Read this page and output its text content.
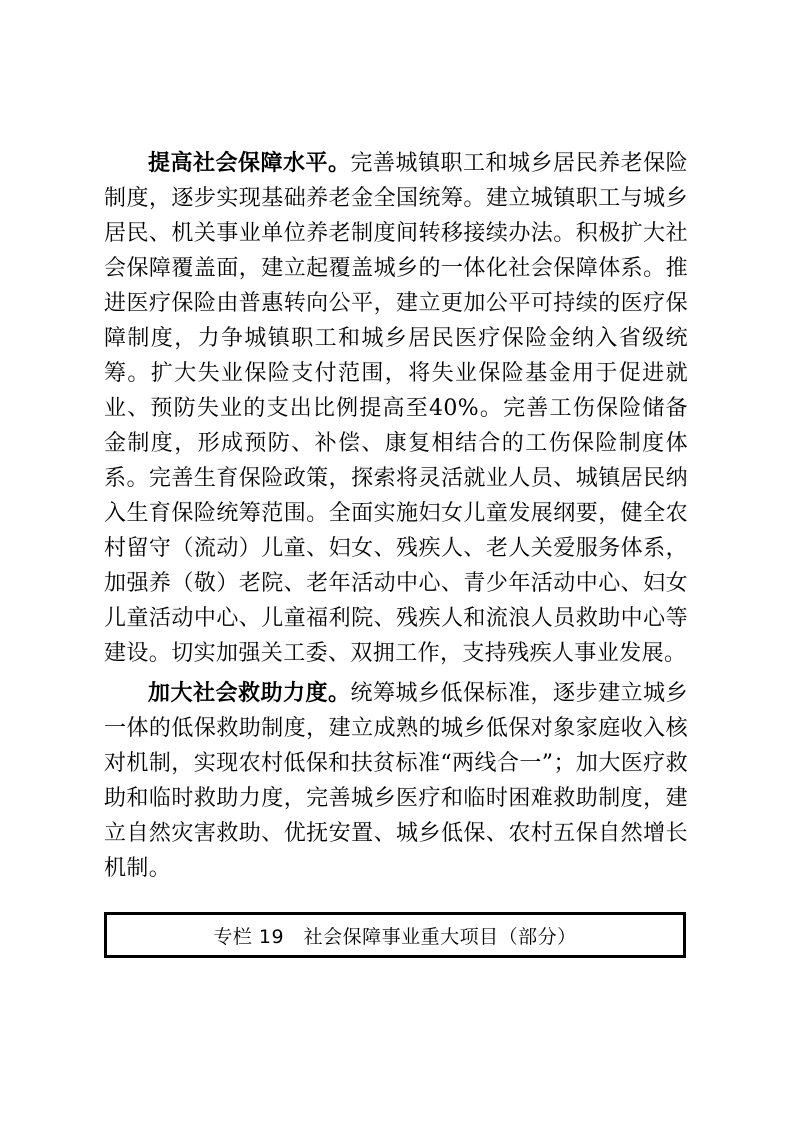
提高社会保障水平。完善城镇职工和城乡居民养老保险制度，逐步实现基础养老金全国统筹。建立城镇职工与城乡居民、机关事业单位养老制度间转移接续办法。积极扩大社会保障覆盖面，建立起覆盖城乡的一体化社会保障体系。推进医疗保险由普惠转向公平，建立更加公平可持续的医疗保障制度，力争城镇职工和城乡居民医疗保险金纳入省级统筹。扩大失业保险支付范围，将失业保险基金用于促进就业、预防失业的支出比例提高至40%。完善工伤保险储备金制度，形成预防、补偿、康复相结合的工伤保险制度体系。完善生育保险政策，探索将灵活就业人员、城镇居民纳入生育保险统筹范围。全面实施妇女儿童发展纲要，健全农村留守（流动）儿童、妇女、残疾人、老人关爱服务体系，加强养（敬）老院、老年活动中心、青少年活动中心、妇女儿童活动中心、儿童福利院、残疾人和流浪人员救助中心等建设。切实加强关工委、双拥工作，支持残疾人事业发展。

加大社会救助力度。统筹城乡低保标准，逐步建立城乡一体的低保救助制度，建立成熟的城乡低保对象家庭收入核对机制，实现农村低保和扶贫标准“两线合一”；加大医疗救助和临时救助力度，完善城乡医疗和临时困难救助制度，建立自然灾害救助、优抚安置、城乡低保、农村五保自然增长机制。

专栏 19　社会保障事业重大项目（部分）
